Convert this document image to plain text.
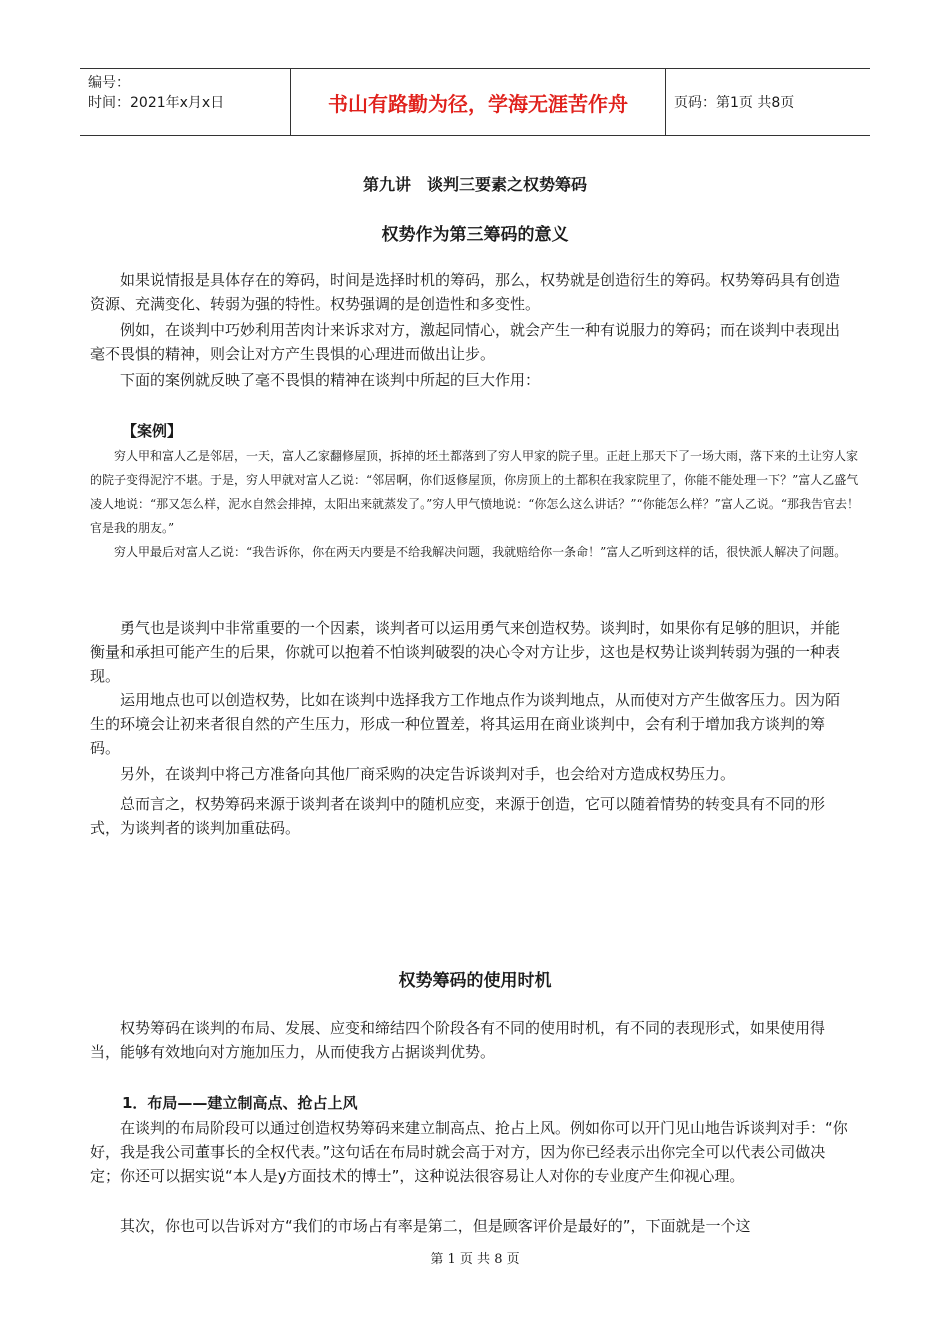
编号：
时间：2021年x月x日	书山有路勤为径，学海无涯苦作舟	页码：第1页 共8页
第九讲　谈判三要素之权势筹码
权势作为第三筹码的意义

如果说情报是具体存在的筹码，时间是选择时机的筹码，那么，权势就是创造衍生的筹码。权势筹码具有创造资源、充满变化、转弱为强的特性。权势强调的是创造性和多变性。

例如，在谈判中巧妙利用苦肉计来诉求对方，激起同情心，就会产生一种有说服力的筹码；而在谈判中表现出毫不畏惧的精神，则会让对方产生畏惧的心理进而做出让步。

下面的案例就反映了毫不畏惧的精神在谈判中所起的巨大作用：

【案例】

穷人甲和富人乙是邻居，一天，富人乙家翻修屋顶，拆掉的坯土都落到了穷人甲家的院子里。正赶上那天下了一场大雨，落下来的土让穷人家的院子变得泥泞不堪。于是，穷人甲就对富人乙说：“邻居啊，你们返修屋顶，你房顶上的土都积在我家院里了，你能不能处理一下？”富人乙盛气凌人地说：“那又怎么样，泥水自然会排掉，太阳出来就蒸发了。”穷人甲气愤地说：“你怎么这么讲话？”“你能怎么样？”富人乙说。“那我告官去！官是我的朋友。”

穷人甲最后对富人乙说：“我告诉你，你在两天内要是不给我解决问题，我就赔给你一条命！”富人乙听到这样的话，很快派人解决了问题。

勇气也是谈判中非常重要的一个因素，谈判者可以运用勇气来创造权势。谈判时，如果你有足够的胆识，并能衡量和承担可能产生的后果，你就可以抱着不怕谈判破裂的决心令对方让步，这也是权势让谈判转弱为强的一种表现。

运用地点也可以创造权势，比如在谈判中选择我方工作地点作为谈判地点，从而使对方产生做客压力。因为陌生的环境会让初来者很自然的产生压力，形成一种位置差，将其运用在商业谈判中，会有利于增加我方谈判的筹码。

另外，在谈判中将己方准备向其他厂商采购的决定告诉谈判对手，也会给对方造成权势压力。

总而言之，权势筹码来源于谈判者在谈判中的随机应变，来源于创造，它可以随着情势的转变具有不同的形式，为谈判者的谈判加重砝码。

权势筹码的使用时机

权势筹码在谈判的布局、发展、应变和缔结四个阶段各有不同的使用时机，有不同的表现形式，如果使用得当，能够有效地向对方施加压力，从而使我方占据谈判优势。

1．布局——建立制高点、抢占上风

在谈判的布局阶段可以通过创造权势筹码来建立制高点、抢占上风。例如你可以开门见山地告诉谈判对手：“你好，我是我公司董事长的全权代表。”这句话在布局时就会高于对方，因为你已经表示出你完全可以代表公司做决定；你还可以据实说“本人是y方面技术的博士”，这种说法很容易让人对你的专业度产生仰视心理。

其次，你也可以告诉对方“我们的市场占有率是第二，但是顾客评价是最好的”，下面就是一个这

第 1 页 共 8 页
